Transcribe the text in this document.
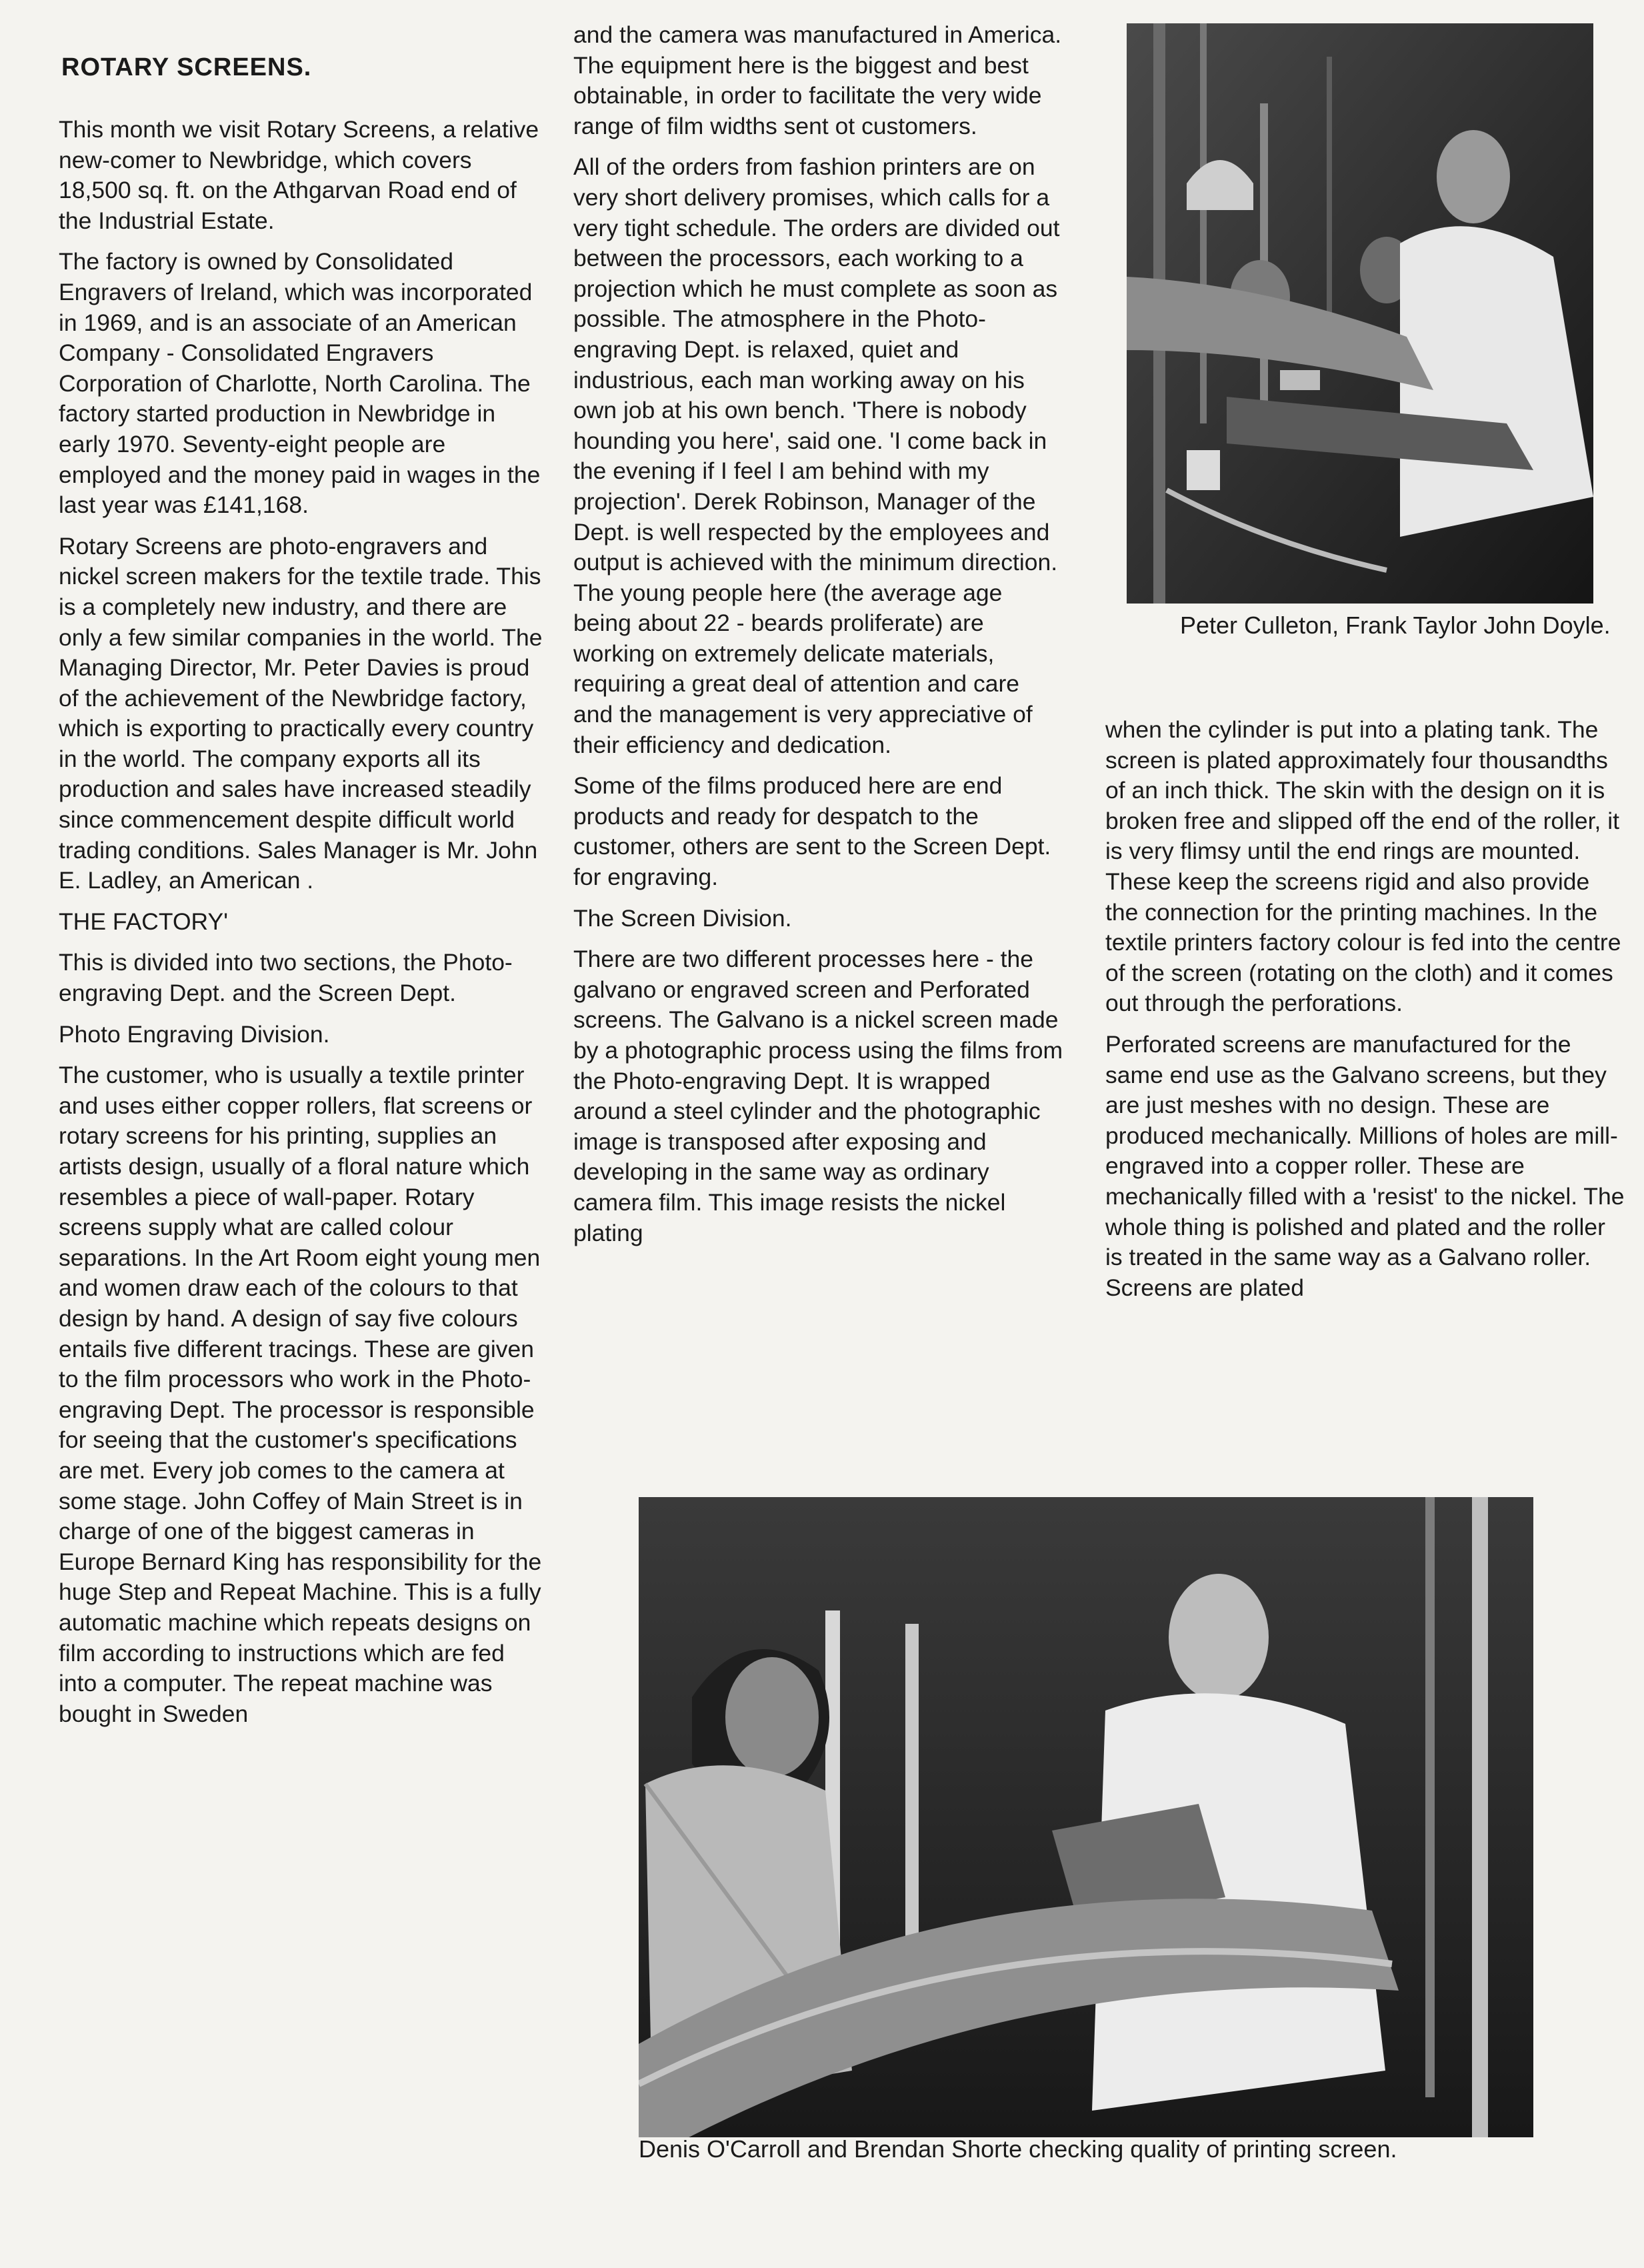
ROTARY SCREENS.

This month we visit Rotary Screens, a relative new-comer to Newbridge, which covers 18,500 sq. ft. on the Athgarvan Road end of the Industrial Estate.

The factory is owned by Consolidated Engravers of Ireland, which was incorporated in 1969, and is an associate of an American Company - Consolidated Engravers Corporation of Charlotte, North Carolina. The factory started production in Newbridge in early 1970. Seventy-eight people are employed and the money paid in wages in the last year was £141,168.

Rotary Screens are photo-engravers and nickel screen makers for the textile trade. This is a completely new industry, and there are only a few similar companies in the world. The Managing Director, Mr. Peter Davies is proud of the achievement of the Newbridge factory, which is exporting to practically every country in the world. The company exports all its production and sales have increased steadily since commencement despite difficult world trading conditions. Sales Manager is Mr. John E. Ladley, an American .

THE FACTORY'

This is divided into two sections, the Photo-engraving Dept. and the Screen Dept.

Photo Engraving Division.

The customer, who is usually a textile printer and uses either copper rollers, flat screens or rotary screens for his printing, supplies an artists design, usually of a floral nature which resembles a piece of wall-paper. Rotary screens supply what are called colour separations. In the Art Room eight young men and women draw each of the colours to that design by hand. A design of say five colours entails five different tracings. These are given to the film processors who work in the Photo-engraving Dept. The processor is responsible for seeing that the customer's specifications are met. Every job comes to the camera at some stage. John Coffey of Main Street is in charge of one of the biggest cameras in Europe Bernard King has responsibility for the huge Step and Repeat Machine. This is a fully automatic machine which repeats designs on film according to instructions which are fed into a computer. The repeat machine was bought in Sweden

and the camera was manufactured in America. The equipment here is the biggest and best obtainable, in order to facilitate the very wide range of film widths sent ot customers.

All of the orders from fashion printers are on very short delivery promises, which calls for a very tight schedule. The orders are divided out between the processors, each working to a projection which he must complete as soon as possible. The atmosphere in the Photo-engraving Dept. is relaxed, quiet and industrious, each man working away on his own job at his own bench. 'There is nobody hounding you here', said one. 'I come back in the evening if I feel I am behind with my projection'. Derek Robinson, Manager of the Dept. is well respected by the employees and output is achieved with the minimum direction. The young people here (the average age being about 22 - beards proliferate) are working on extremely delicate materials, requiring a great deal of attention and care and the management is very appreciative of their efficiency and dedication.

Some of the films produced here are end products and ready for despatch to the customer, others are sent to the Screen Dept. for engraving.

The Screen Division.

There are two different processes here - the galvano or engraved screen and Perforated screens. The Galvano is a nickel screen made by a photographic process using the films from the Photo-engraving Dept. It is wrapped around a steel cylinder and the photographic image is transposed after exposing and developing in the same way as ordinary camera film. This image resists the nickel plating

when the cylinder is put into a plating tank. The screen is plated approximately four thousandths of an inch thick. The skin with the design on it is broken free and slipped off the end of the roller, it is very flimsy until the end rings are mounted. These keep the screens rigid and also provide the connection for the printing machines. In the textile printers factory colour is fed into the centre of the screen (rotating on the cloth) and it comes out through the perforations.

Perforated screens are manufactured for the same end use as the Galvano screens, but they are just meshes with no design. These are produced mechanically. Millions of holes are mill-engraved into a copper roller. These are mechanically filled with a 'resist' to the nickel. The whole thing is polished and plated and the roller is treated in the same way as a Galvano roller. Screens are plated

Peter Culleton, Frank Taylor John Doyle.
Denis O'Carroll and Brendan Shorte checking quality of printing screen.
